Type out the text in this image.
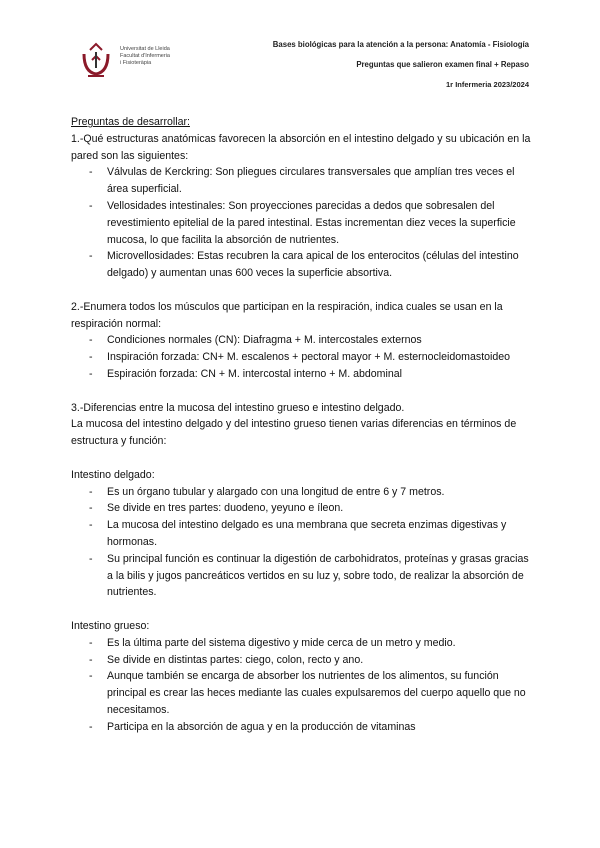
Universitat de Lleida
Facultat d'Infermeria
i Fisioteràpia
Bases biológicas para la atención a la persona: Anatomía - Fisiología
Preguntas que salieron examen final + Repaso
1r Infermeria 2023/2024

Preguntas de desarrollar:

1.-Qué estructuras anatómicas favorecen la absorción en el intestino delgado y su ubicación en la pared son las siguientes:

- Válvulas de Kerckring: Son pliegues circulares transversales que amplían tres veces el área superficial.
- Vellosidades intestinales: Son proyecciones parecidas a dedos que sobresalen del revestimiento epitelial de la pared intestinal. Estas incrementan diez veces la superficie mucosa, lo que facilita la absorción de nutrientes.
- Microvellosidades: Estas recubren la cara apical de los enterocitos (células del intestino delgado) y aumentan unas 600 veces la superficie absortiva.

2.-Enumera todos los músculos que participan en la respiración, indica cuales se usan en la respiración normal:

- Condiciones normales (CN): Diafragma + M. intercostales externos
- Inspiración forzada: CN+ M. escalenos + pectoral mayor + M. esternocleidomastoideo
- Espiración forzada: CN + M. intercostal interno + M. abdominal

3.-Diferencias entre la mucosa del intestino grueso e intestino delgado.

La mucosa del intestino delgado y del intestino grueso tienen varias diferencias en términos de estructura y función:

Intestino delgado:

- Es un órgano tubular y alargado con una longitud de entre 6 y 7 metros.
- Se divide en tres partes: duodeno, yeyuno e íleon.
- La mucosa del intestino delgado es una membrana que secreta enzimas digestivas y hormonas.
- Su principal función es continuar la digestión de carbohidratos, proteínas y grasas gracias a la bilis y jugos pancreáticos vertidos en su luz y, sobre todo, de realizar la absorción de nutrientes.

Intestino grueso:

- Es la última parte del sistema digestivo y mide cerca de un metro y medio.
- Se divide en distintas partes: ciego, colon, recto y ano.
- Aunque también se encarga de absorber los nutrientes de los alimentos, su función principal es crear las heces mediante las cuales expulsaremos del cuerpo aquello que no necesitamos.
- Participa en la absorción de agua y en la producción de vitaminas
